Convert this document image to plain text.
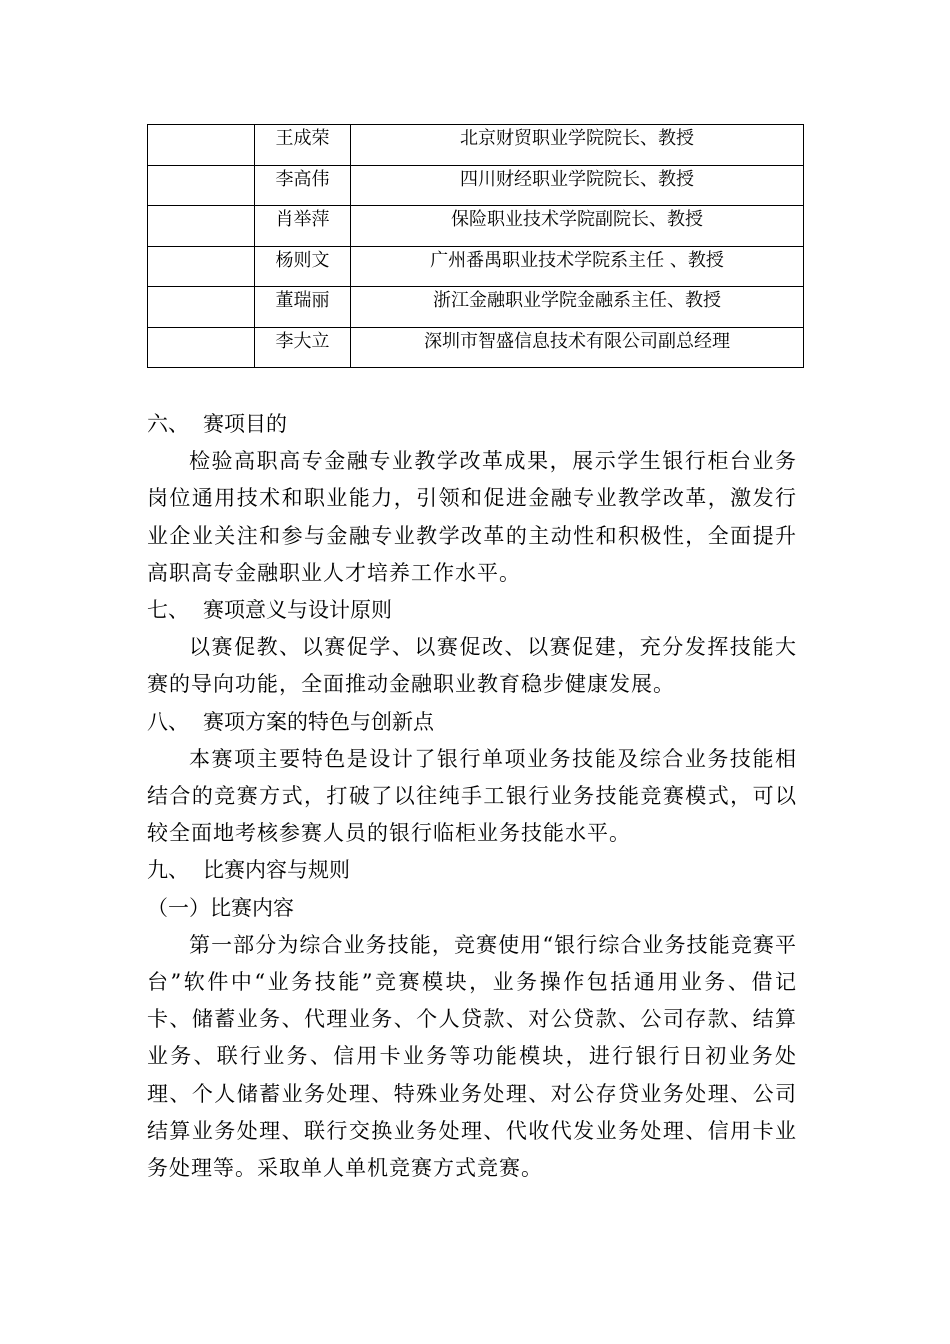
	王成荣	北京财贸职业学院院长、教授
	李高伟	四川财经职业学院院长、教授
	肖举萍	保险职业技术学院副院长、教授
	杨则文	广州番禺职业技术学院系主任 、教授
	董瑞丽	浙江金融职业学院金融系主任、教授
	李大立	深圳市智盛信息技术有限公司副总经理

六、 赛项目的

检验高职高专金融专业教学改革成果，展示学生银行柜台业务岗位通用技术和职业能力，引领和促进金融专业教学改革，激发行业企业关注和参与金融专业教学改革的主动性和积极性，全面提升高职高专金融职业人才培养工作水平。

七、 赛项意义与设计原则

以赛促教、以赛促学、以赛促改、以赛促建，充分发挥技能大赛的导向功能，全面推动金融职业教育稳步健康发展。

八、 赛项方案的特色与创新点

本赛项主要特色是设计了银行单项业务技能及综合业务技能相结合的竞赛方式，打破了以往纯手工银行业务技能竞赛模式，可以较全面地考核参赛人员的银行临柜业务技能水平。

九、 比赛内容与规则

（一）比赛内容

第一部分为综合业务技能，竞赛使用“银行综合业务技能竞赛平台”软件中“业务技能”竞赛模块，业务操作包括通用业务、借记卡、储蓄业务、代理业务、个人贷款、对公贷款、公司存款、结算业务、联行业务、信用卡业务等功能模块，进行银行日初业务处理、个人储蓄业务处理、特殊业务处理、对公存贷业务处理、公司结算业务处理、联行交换业务处理、代收代发业务处理、信用卡业务处理等。采取单人单机竞赛方式竞赛。
